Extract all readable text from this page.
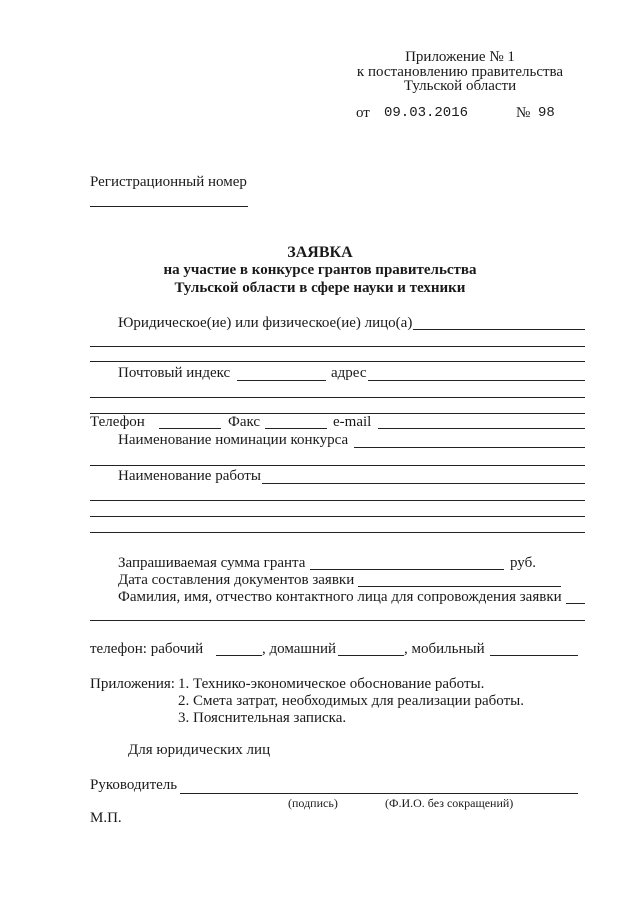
Приложение № 1
к постановлению правительства
Тульской области
от 09.03.2016	№ 98
Регистрационный номер
ЗАЯВКА
на участие в конкурсе грантов правительства
Тульской области в сфере науки и техники
Юридическое(ие) или физическое(ие) лицо(а)
Почтовый индекс	адрес
Телефон	Факс	e-mail
Наименование номинации конкурса
Наименование работы
Запрашиваемая сумма гранта	руб.
Дата составления документов заявки
Фамилия, имя, отчество контактного лица для сопровождения заявки
телефон: рабочий	, домашний	, мобильный
Приложения: 1. Технико-экономическое обоснование работы.
2. Смета затрат, необходимых для реализации работы.
3. Пояснительная записка.
Для юридических лиц
Руководитель
(подпись)	(Ф.И.О. без сокращений)
М.П.
